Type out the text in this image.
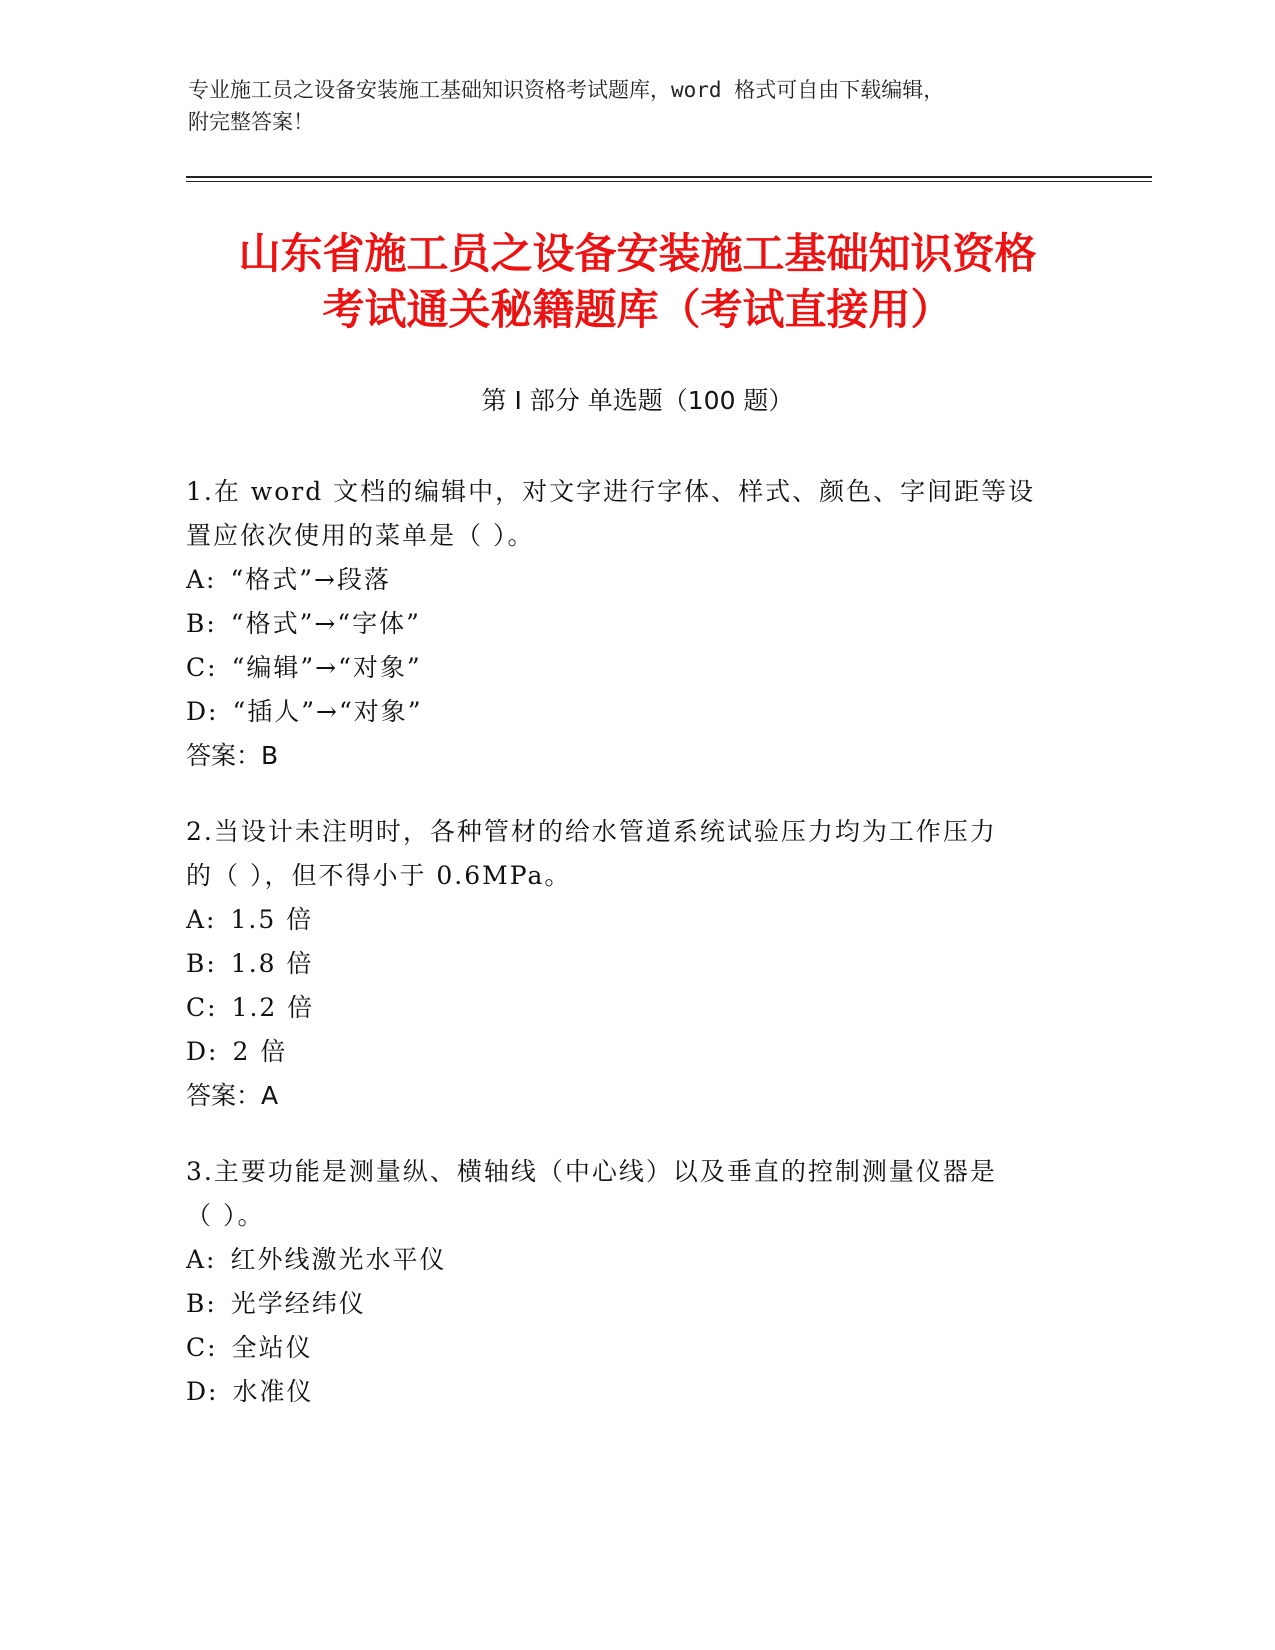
专业施工员之设备安装施工基础知识资格考试题库，word 格式可自由下载编辑，
附完整答案！
山东省施工员之设备安装施工基础知识资格
考试通关秘籍题库（考试直接用）
第 I 部分 单选题（100 题）

1.在 word 文档的编辑中，对文字进行字体、样式、颜色、字间距等设
置应依次使用的菜单是（ ）。

A: “格式”→段落

B: “格式”→“字体”

C: “编辑”→“对象”

D: “插人”→“对象”

答案：B

2.当设计未注明时，各种管材的给水管道系统试验压力均为工作压力
的（ ），但不得小于 0.6MPa。

A: 1.5 倍

B: 1.8 倍

C: 1.2 倍

D: 2 倍

答案：A

3.主要功能是测量纵、横轴线（中心线）以及垂直的控制测量仪器是
（ ）。

A: 红外线激光水平仪

B: 光学经纬仪

C: 全站仪

D: 水准仪
